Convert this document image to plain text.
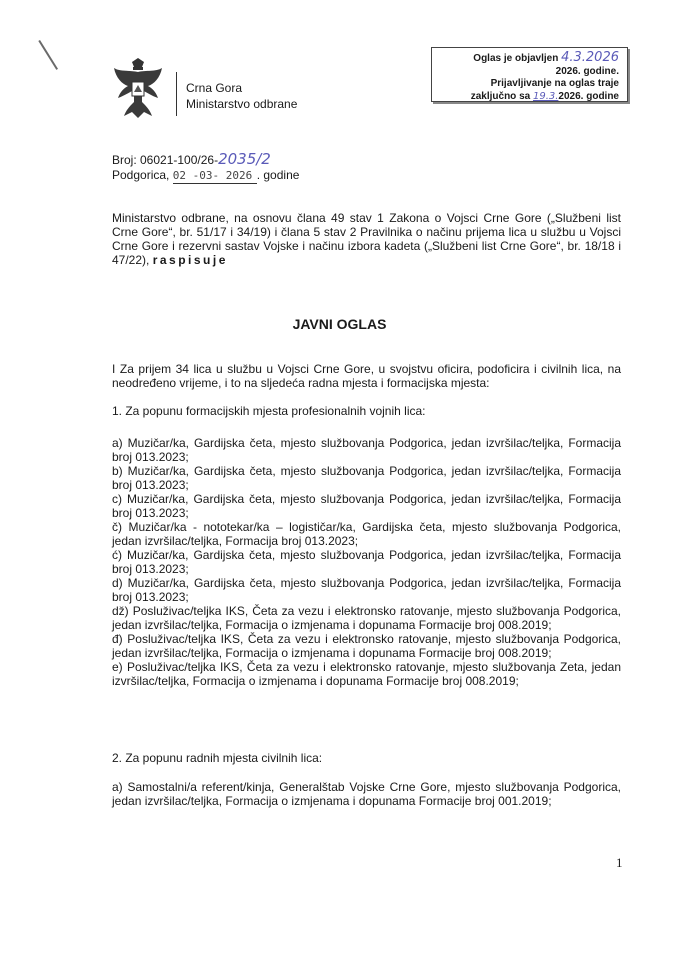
Crna Gora
Ministarstvo odbrane
Oglas je objavljen 4.3.2026
2026. godine.
Prijavljivanje na oglas traje
zaključno sa 19.3.2026. godine
Broj: 06021-100/26-2035/2
Podgorica, 02 -03- 2026 . godine
Ministarstvo odbrane, na osnovu člana 49 stav 1 Zakona o Vojsci Crne Gore („Službeni list Crne Gore“, br. 51/17 i 34/19) i člana 5 stav 2 Pravilnika o načinu prijema lica u službu u Vojsci Crne Gore i rezervni sastav Vojske i načinu izbora kadeta („Službeni list Crne Gore“, br. 18/18 i 47/22), raspisuje
JAVNI OGLAS
I Za prijem 34 lica u službu u Vojsci Crne Gore, u svojstvu oficira, podoficira i civilnih lica, na neodređeno vrijeme, i to na sljedeća radna mjesta i formacijska mjesta:
1. Za popunu formacijskih mjesta profesionalnih vojnih lica:
a) Muzičar/ka, Gardijska četa, mjesto službovanja Podgorica, jedan izvršilac/teljka, Formacija broj 013.2023;
b) Muzičar/ka, Gardijska četa, mjesto službovanja Podgorica, jedan izvršilac/teljka, Formacija broj 013.2023;
c) Muzičar/ka, Gardijska četa, mjesto službovanja Podgorica, jedan izvršilac/teljka, Formacija broj 013.2023;
č) Muzičar/ka - nototekar/ka – logističar/ka, Gardijska četa, mjesto službovanja Podgorica, jedan izvršilac/teljka, Formacija broj 013.2023;
ć) Muzičar/ka, Gardijska četa, mjesto službovanja Podgorica, jedan izvršilac/teljka, Formacija broj 013.2023;
d) Muzičar/ka, Gardijska četa, mjesto službovanja Podgorica, jedan izvršilac/teljka, Formacija broj 013.2023;
dž) Posluživac/teljka IKS, Četa za vezu i elektronsko ratovanje, mjesto službovanja Podgorica, jedan izvršilac/teljka, Formacija o izmjenama i dopunama Formacije broj 008.2019;
đ) Posluživac/teljka IKS, Četa za vezu i elektronsko ratovanje, mjesto službovanja Podgorica, jedan izvršilac/teljka, Formacija o izmjenama i dopunama Formacije broj 008.2019;
e) Posluživac/teljka IKS, Četa za vezu i elektronsko ratovanje, mjesto službovanja Zeta, jedan izvršilac/teljka, Formacija o izmjenama i dopunama Formacije broj 008.2019;
2. Za popunu radnih mjesta civilnih lica:
a) Samostalni/a referent/kinja, Generalštab Vojske Crne Gore, mjesto službovanja Podgorica, jedan izvršilac/teljka, Formacija o izmjenama i dopunama Formacije broj 001.2019;
1
